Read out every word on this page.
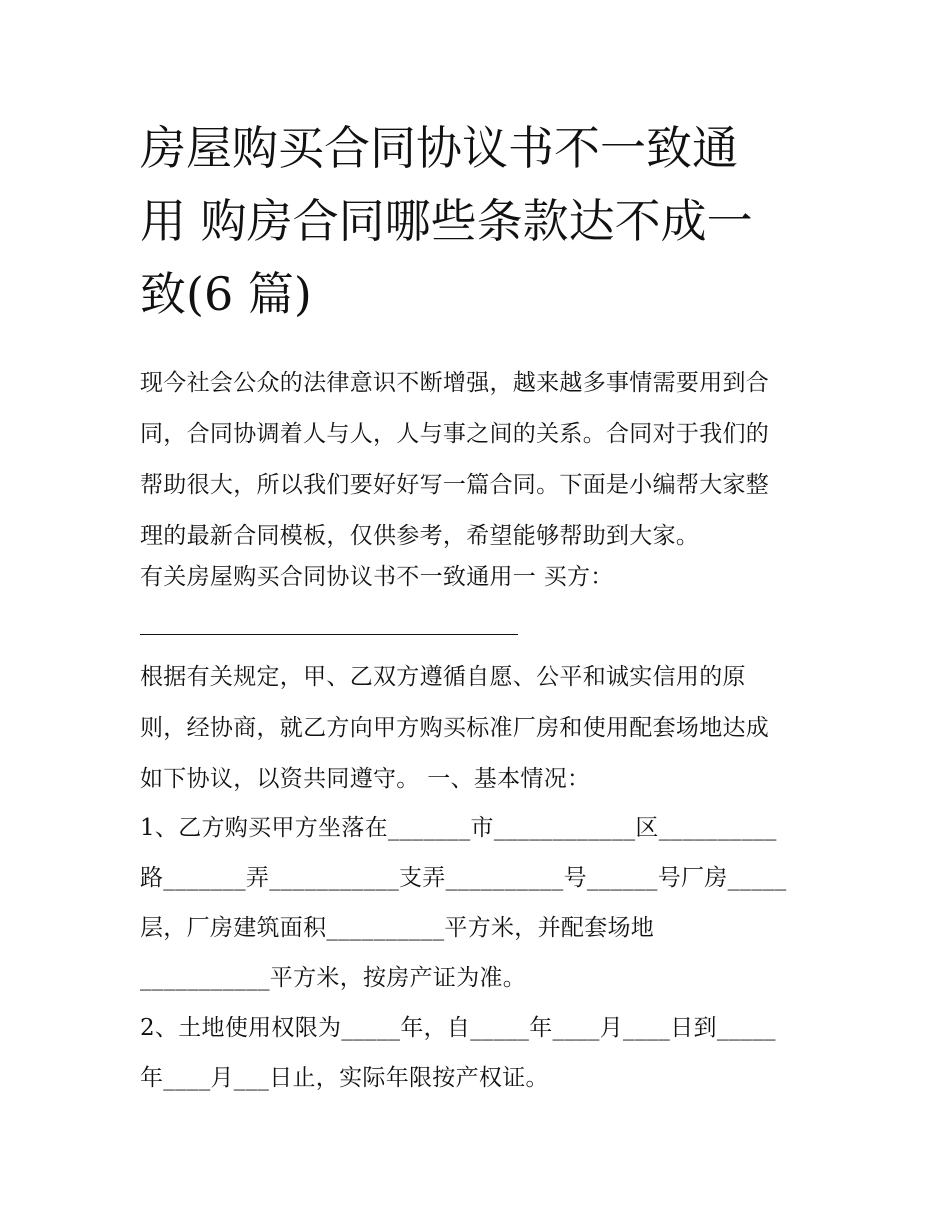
房屋购买合同协议书不一致通
用 购房合同哪些条款达不成一
致(6 篇)
现今社会公众的法律意识不断增强，越来越多事情需要用到合
同，合同协调着人与人，人与事之间的关系。合同对于我们的
帮助很大，所以我们要好好写一篇合同。下面是小编帮大家整
理的最新合同模板，仅供参考，希望能够帮助到大家。
有关房屋购买合同协议书不一致通用一 买方：
根据有关规定，甲、乙双方遵循自愿、公平和诚实信用的原
则，经协商，就乙方向甲方购买标准厂房和使用配套场地达成
如下协议，以资共同遵守。 一、基本情况：
1、乙方购买甲方坐落在_______市____________区__________
路_______弄___________支弄__________号______号厂房_____
层，厂房建筑面积__________平方米，并配套场地
___________平方米，按房产证为准。
2、土地使用权限为_____年，自_____年____月____日到_____
年____月___日止，实际年限按产权证。
